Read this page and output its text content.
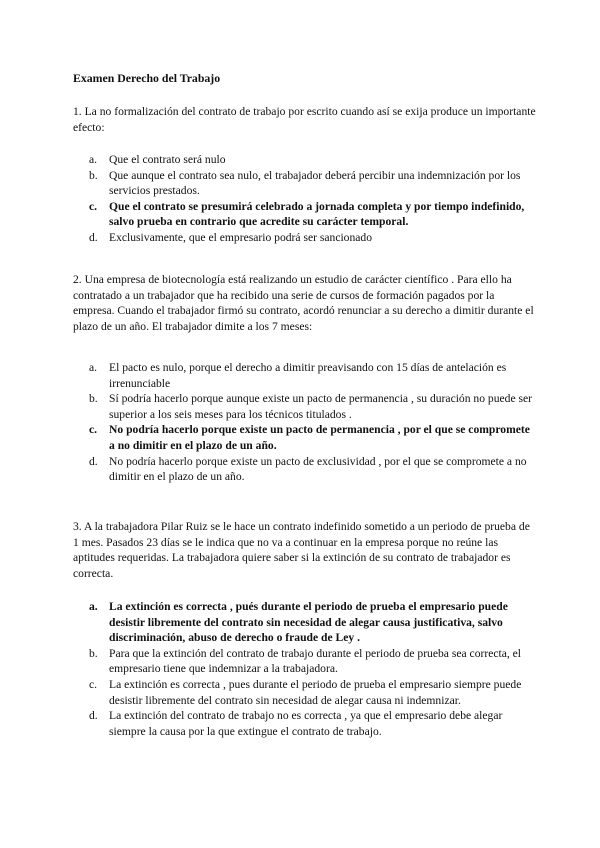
Examen Derecho del Trabajo
1. La no formalización del contrato de trabajo por escrito cuando así se exija produce un importante efecto:
a. Que el contrato será nulo
b. Que aunque el contrato sea nulo, el trabajador deberá percibir una indemnización por los servicios prestados.
c. Que el contrato se presumirá celebrado a jornada completa y por tiempo indefinido, salvo prueba en contrario que acredite su carácter temporal.
d. Exclusivamente, que el empresario podrá ser sancionado
2. Una empresa de biotecnología está realizando un estudio de carácter científico . Para ello ha contratado a un trabajador que ha recibido una serie de cursos de formación pagados por la empresa. Cuando el trabajador firmó su contrato, acordó renunciar a su derecho a dimitir durante el plazo de un año. El trabajador dimite a los 7 meses:
a. El pacto es nulo, porque el derecho a dimitir preavisando con 15 días de antelación es irrenunciable
b. Sí podría hacerlo porque aunque existe un pacto de permanencia , su duración no puede ser superior a los seis meses para los técnicos titulados .
c. No podría hacerlo porque existe un pacto de permanencia , por el que se compromete a no dimitir en el plazo de un año.
d. No podría hacerlo porque existe un pacto de exclusividad , por el que se compromete a no dimitir en el plazo de un año.
3. A la trabajadora Pilar Ruiz se le hace un contrato indefinido sometido a un periodo de prueba de 1 mes. Pasados 23 días se le indica que no va a continuar en la empresa porque no reúne las aptitudes requeridas. La trabajadora quiere saber si la extinción de su contrato de trabajador es correcta.
a. La extinción es correcta , pués durante el periodo de prueba el empresario puede desistir libremente del contrato sin necesidad de alegar causa justificativa, salvo discriminación, abuso de derecho o fraude de Ley .
b. Para que la extinción del contrato de trabajo durante el periodo de prueba sea correcta, el empresario tiene que indemnizar a la trabajadora.
c. La extinción es correcta , pues durante el periodo de prueba el empresario siempre puede desistir libremente del contrato sin necesidad de alegar causa ni indemnizar.
d. La extinción del contrato de trabajo no es correcta , ya que el empresario debe alegar siempre la causa por la que extingue el contrato de trabajo.
